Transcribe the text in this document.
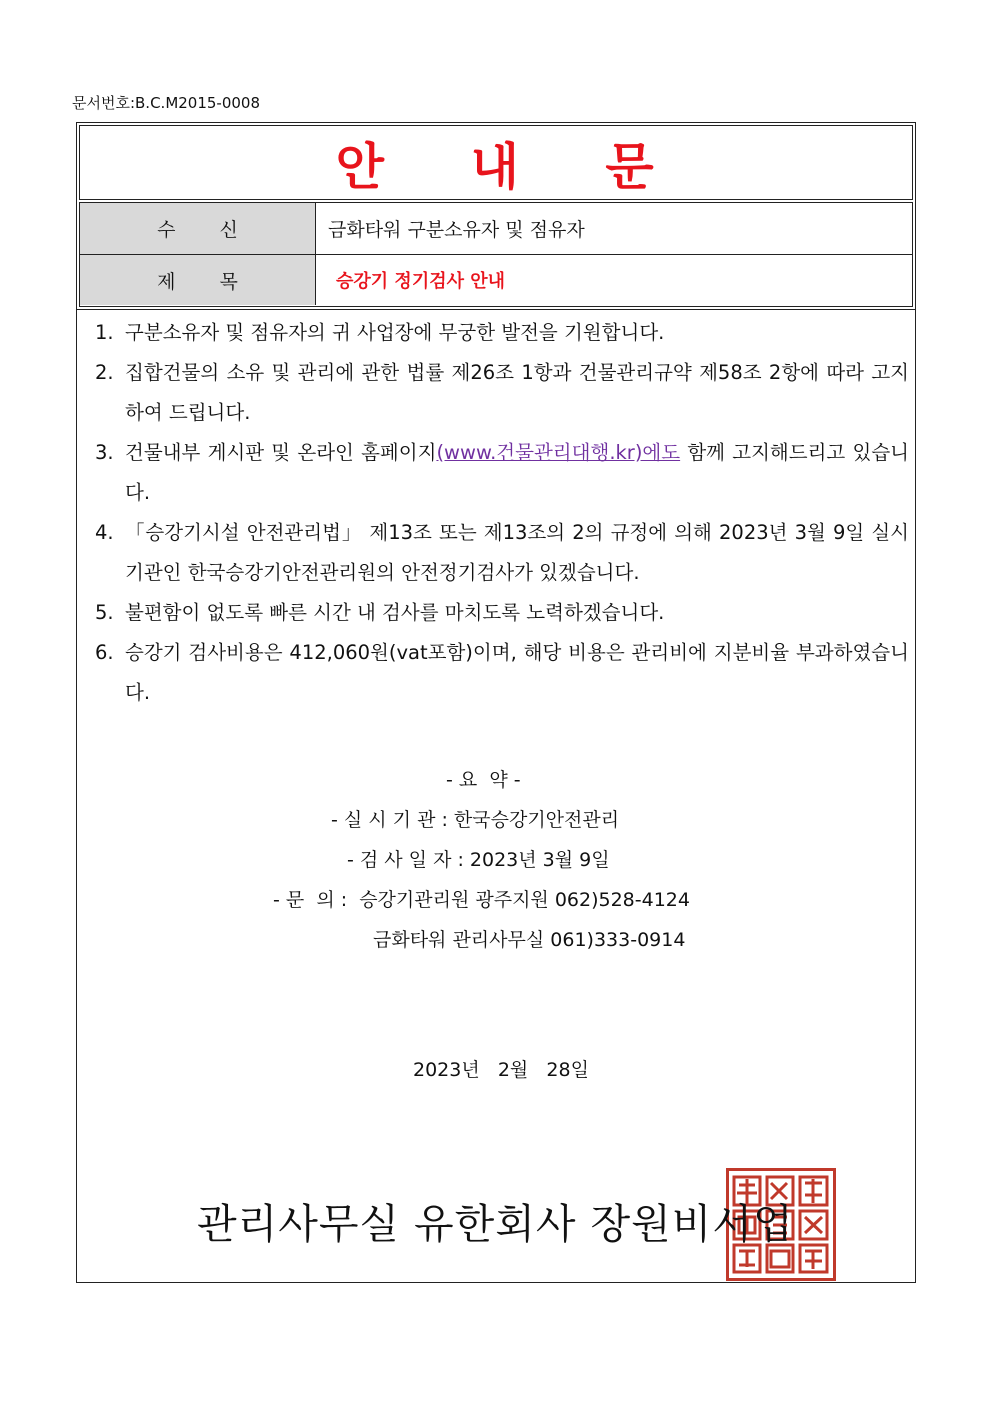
문서번호:B.C.M2015-0008
안 내 문
수 신	금화타워 구분소유자 및 점유자
제 목	승강기 정기검사 안내
1. 구분소유자 및 점유자의 귀 사업장에 무궁한 발전을 기원합니다.
2. 집합건물의 소유 및 관리에 관한 법률 제26조 1항과 건물관리규약 제58조 2항에 따라 고지하여 드립니다.
3. 건물내부 게시판 및 온라인 홈페이지(www.건물관리대행.kr)에도 함께 고지해드리고 있습니다.
4. 「승강기시설 안전관리법」 제13조 또는 제13조의 2의 규정에 의해 2023년 3월 9일 실시기관인 한국승강기안전관리원의 안전정기검사가 있겠습니다.
5. 불편함이 없도록 빠른 시간 내 검사를 마치도록 노력하겠습니다.
6. 승강기 검사비용은 412,060원(vat포함)이며, 해당 비용은 관리비에 지분비율 부과하였습니다.
- 요  약 -
- 실 시 기 관 : 한국승강기안전관리
- 검 사 일 자 : 2023년 3월 9일
- 문  의 :  승강기관리원 광주지원 062)528-4124
금화타워 관리사무실 061)333-0914
2023년   2월   28일
관리사무실 유한회사 장원비서업
